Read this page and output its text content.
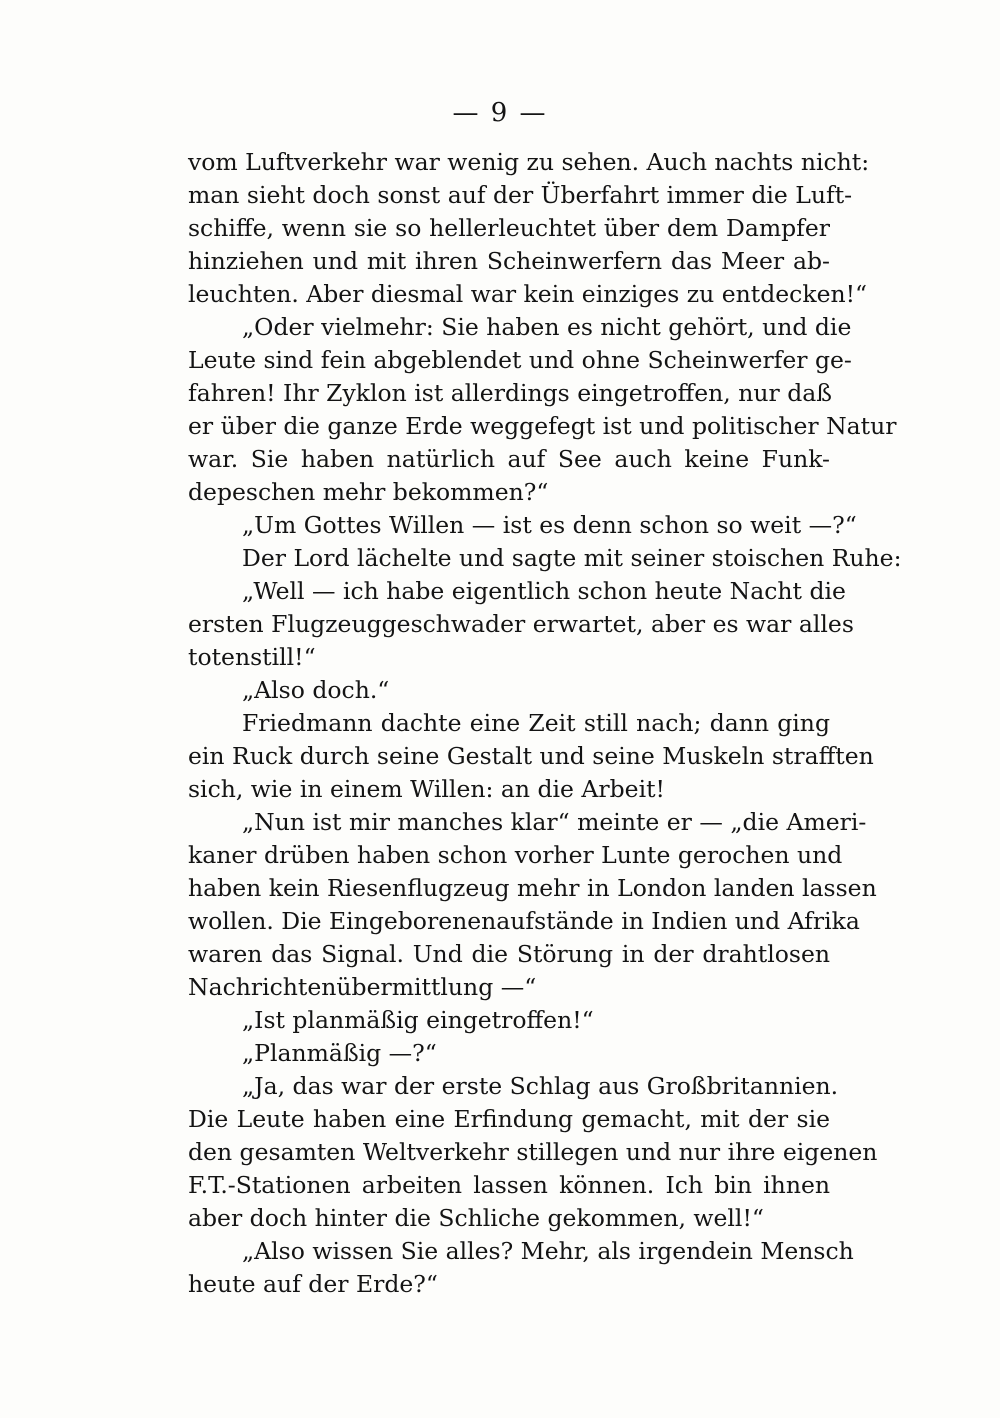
— 9 —
vom Luftverkehr war wenig zu sehen. Auch nachts nicht:
man sieht doch sonst auf der Überfahrt immer die Luft-
schiffe, wenn sie so hellerleuchtet über dem Dampfer
hinziehen und mit ihren Scheinwerfern das Meer ab-
leuchten. Aber diesmal war kein einziges zu entdecken!“
„Oder vielmehr: Sie haben es nicht gehört, und die
Leute sind fein abgeblendet und ohne Scheinwerfer ge-
fahren! Ihr Zyklon ist allerdings eingetroffen, nur daß
er über die ganze Erde weggefegt ist und politischer Natur
war. Sie haben natürlich auf See auch keine Funk-
depeschen mehr bekommen?“
„Um Gottes Willen — ist es denn schon so weit —?“
Der Lord lächelte und sagte mit seiner stoischen Ruhe:
„Well — ich habe eigentlich schon heute Nacht die
ersten Flugzeuggeschwader erwartet, aber es war alles
totenstill!“
„Also doch.“
Friedmann dachte eine Zeit still nach; dann ging
ein Ruck durch seine Gestalt und seine Muskeln strafften
sich, wie in einem Willen: an die Arbeit!
„Nun ist mir manches klar“ meinte er — „die Ameri-
kaner drüben haben schon vorher Lunte gerochen und
haben kein Riesenflugzeug mehr in London landen lassen
wollen. Die Eingeborenenaufstände in Indien und Afrika
waren das Signal. Und die Störung in der drahtlosen
Nachrichtenübermittlung —“
„Ist planmäßig eingetroffen!“
„Planmäßig —?“
„Ja, das war der erste Schlag aus Großbritannien.
Die Leute haben eine Erfindung gemacht, mit der sie
den gesamten Weltverkehr stillegen und nur ihre eigenen
F.T.-Stationen arbeiten lassen können. Ich bin ihnen
aber doch hinter die Schliche gekommen, well!“
„Also wissen Sie alles? Mehr, als irgendein Mensch
heute auf der Erde?“
